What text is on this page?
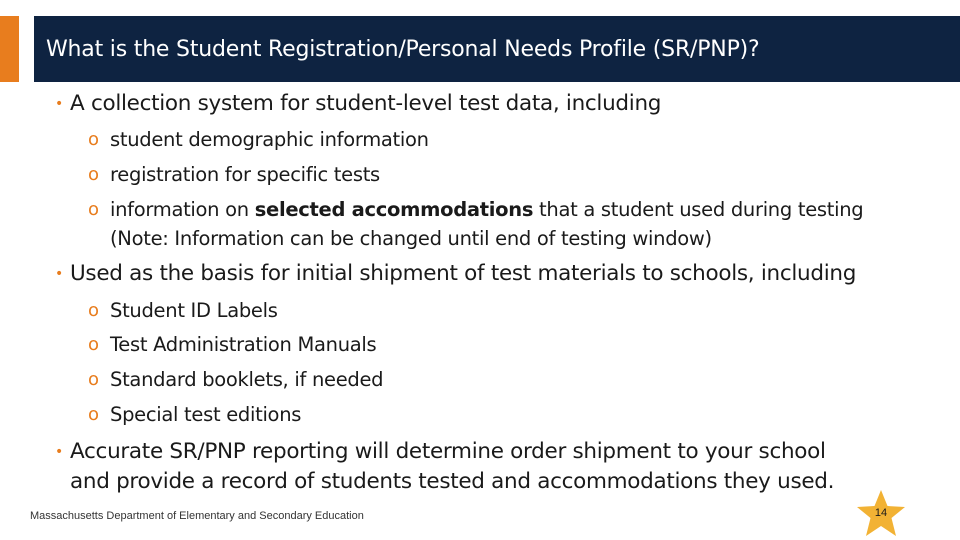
What is the Student Registration/Personal Needs Profile (SR/PNP)?
• A collection system for student-level test data, including
o student demographic information
o registration for specific tests
o information on selected accommodations that a student used during testing
(Note: Information can be changed until end of testing window)
• Used as the basis for initial shipment of test materials to schools, including
o Student ID Labels
o Test Administration Manuals
o Standard booklets, if needed
o Special test editions
• Accurate SR/PNP reporting will determine order shipment to your school
and provide a record of students tested and accommodations they used.
Massachusetts Department of Elementary and Secondary Education	14
